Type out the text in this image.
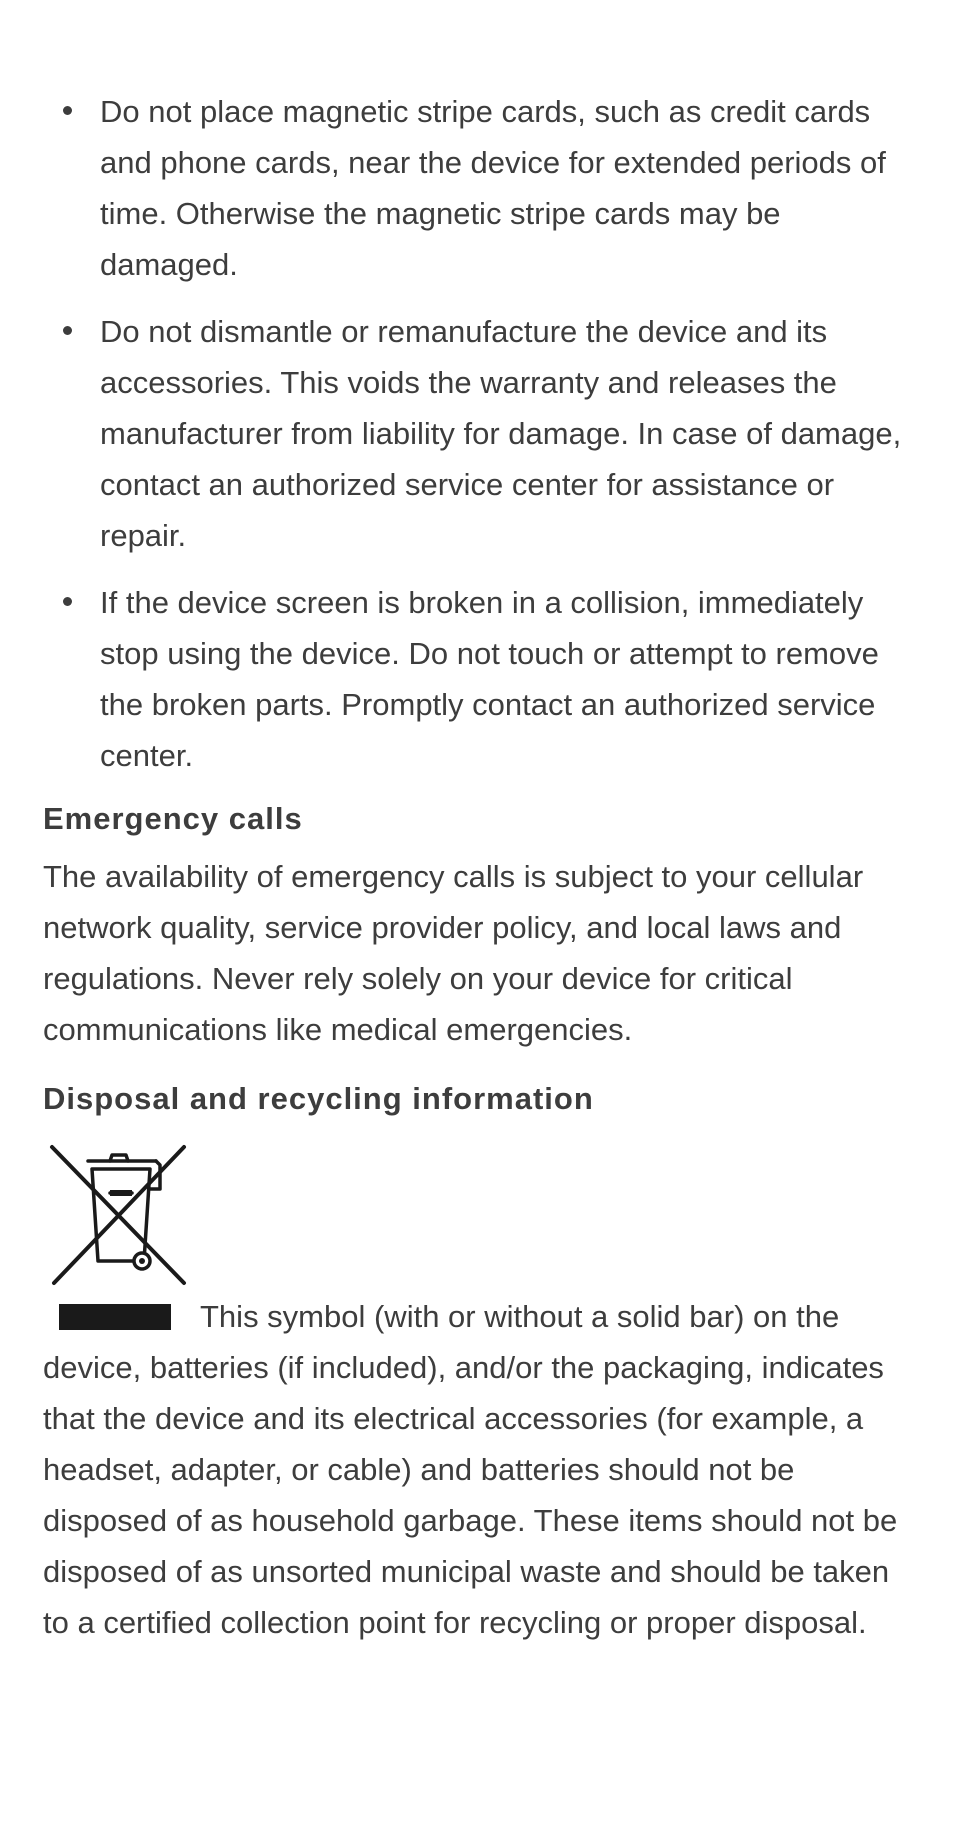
Do not place magnetic stripe cards, such as credit cards and phone cards, near the device for extended periods of time. Otherwise the magnetic stripe cards may be damaged.
Do not dismantle or remanufacture the device and its accessories. This voids the warranty and releases the manufacturer from liability for damage. In case of damage, contact an authorized service center for assistance or repair.
If the device screen is broken in a collision, immediately stop using the device. Do not touch or attempt to remove the broken parts. Promptly contact an authorized service center.
Emergency calls

The availability of emergency calls is subject to your cellular network quality, service provider policy, and local laws and regulations. Never rely solely on your device for critical communications like medical emergencies.

Disposal and recycling information

This symbol (with or without a solid bar) on the device, batteries (if included), and/or the packaging, indicates that the device and its electrical accessories (for example, a headset, adapter, or cable) and batteries should not be disposed of as household garbage. These items should not be disposed of as unsorted municipal waste and should be taken to a certified collection point for recycling or proper disposal.
